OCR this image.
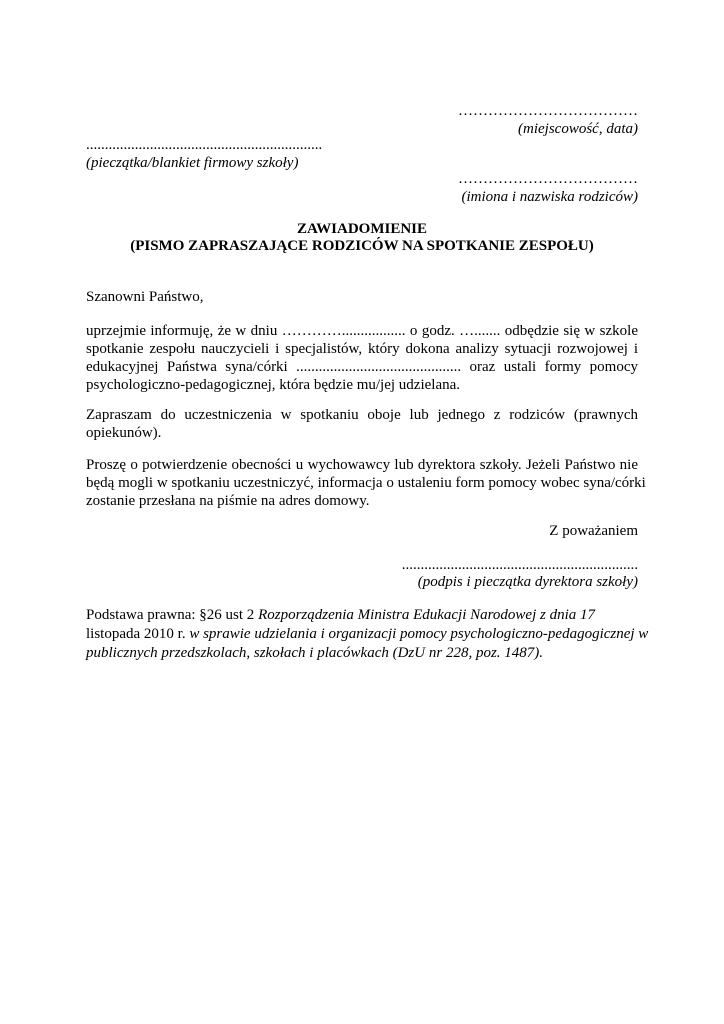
………………………………
(miejscowość, data)
...............................................................
(pieczątka/blankiet firmowy szkoły)
………………………………
(imiona i nazwiska rodziców)
ZAWIADOMIENIE
(PISMO ZAPRASZAJĄCE RODZICÓW NA SPOTKANIE ZESPOŁU)
Szanowni Państwo,
uprzejmie informuję, że w dniu …………................. o godz. …....... odbędzie się w szkole
spotkanie zespołu nauczycieli i specjalistów, który dokona analizy sytuacji rozwojowej i
edukacyjnej Państwa syna/córki ............................................ oraz ustali formy pomocy
psychologiczno-pedagogicznej, która będzie mu/jej udzielana.
Zapraszam do uczestniczenia w spotkaniu oboje lub jednego z rodziców (prawnych
opiekunów).
Proszę o potwierdzenie obecności u wychowawcy lub dyrektora szkoły. Jeżeli Państwo nie
będą mogli w spotkaniu uczestniczyć, informacja o ustaleniu form pomocy wobec syna/córki
zostanie przesłana na piśmie na adres domowy.
Z poważaniem
...............................................................
(podpis i pieczątka dyrektora szkoły)
Podstawa prawna: §26 ust 2 Rozporządzenia Ministra Edukacji Narodowej z dnia 17
listopada 2010 r. w sprawie udzielania i organizacji pomocy psychologiczno-pedagogicznej w
publicznych przedszkolach, szkołach i placówkach (DzU nr 228, poz. 1487).
